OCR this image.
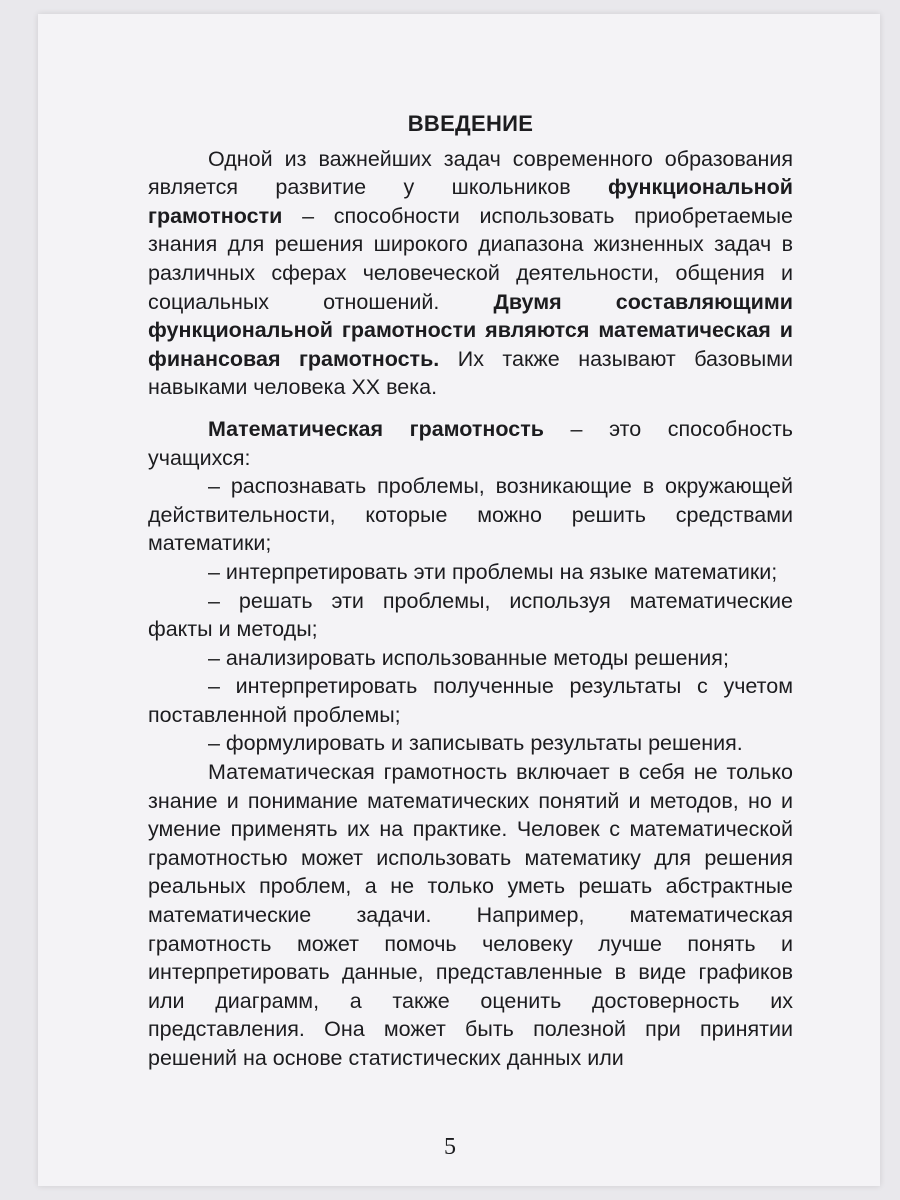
ВВЕДЕНИЕ

Одной из важнейших задач современного образования является развитие у школьников функциональной грамотности – способности использовать приобретаемые знания для решения широкого диапазона жизненных задач в различных сферах человеческой деятельности, общения и социальных отношений. Двумя составляющими функциональной грамотности являются математическая и финансовая грамотность. Их также называют базовыми навыками человека XX века.

Математическая грамотность – это способность учащихся:

– распознавать проблемы, возникающие в окружающей действительности, которые можно решить средствами математики;

– интерпретировать эти проблемы на языке математики;

– решать эти проблемы, используя математические факты и методы;

– анализировать использованные методы решения;

– интерпретировать полученные результаты с учетом поставленной проблемы;

– формулировать и записывать результаты решения.

Математическая грамотность включает в себя не только знание и понимание математических понятий и методов, но и умение применять их на практике. Человек с математической грамотностью может использовать математику для решения реальных проблем, а не только уметь решать абстрактные математические задачи. Например, математическая грамотность может помочь человеку лучше понять и интерпретировать данные, представленные в виде графиков или диаграмм, а также оценить достоверность их представления. Она может быть полезной при принятии решений на основе статистических данных или

5
